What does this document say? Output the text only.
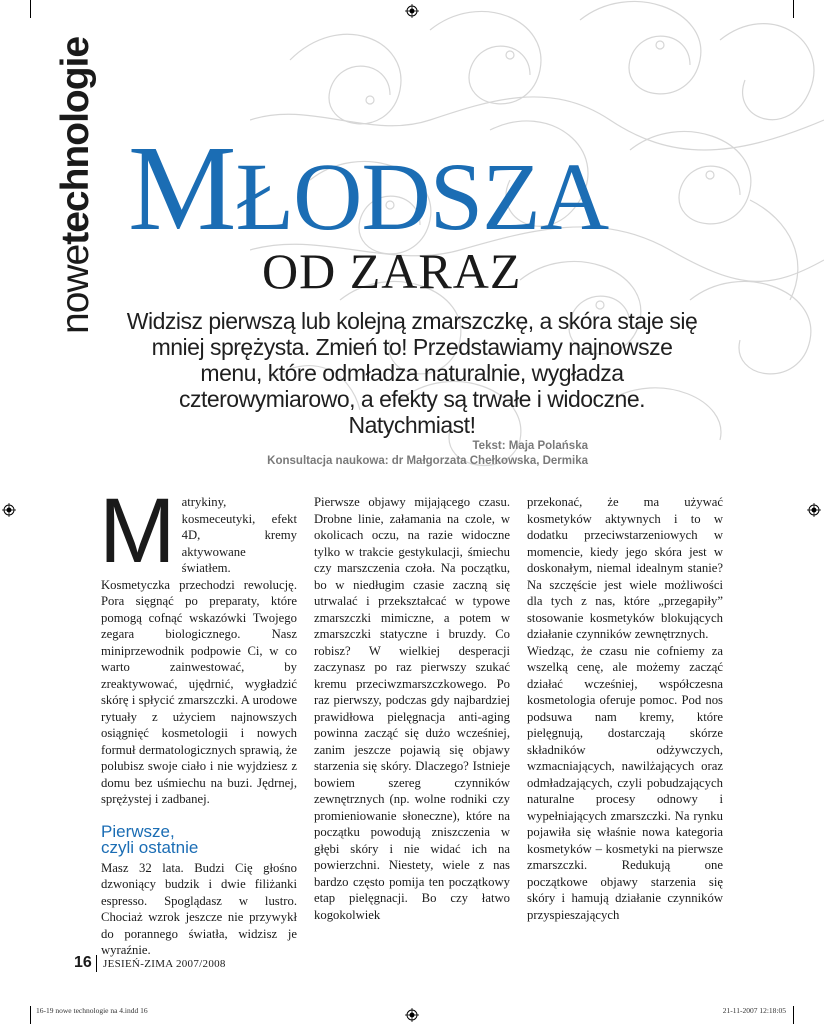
nowetechnologie MŁODSZA
OD ZARAZ
Widzisz pierwszą lub kolejną zmarszczkę, a skóra staje się mniej sprężysta. Zmień to! Przedstawiamy najnowsze menu, które odmładza naturalnie, wygładza czterowymiarowo, a efekty są trwałe i widoczne. Natychmiast!
Tekst: Maja Polańska
Konsultacja naukowa: dr Małgorzata Chełkowska, Dermika

Matrykiny, kosmeceutyki, efekt 4D, kremy aktywowane światłem. Kosmetyczka przechodzi rewolucję. Pora sięgnąć po preparaty, które pomogą cofnąć wskazówki Twojego zegara biologicznego. Nasz miniprzewodnik podpowie Ci, w co warto zainwestować, by zreaktywować, ujędrnić, wygładzić skórę i spłycić zmarszczki. A urodowe rytuały z użyciem najnowszych osiągnięć kosmetologii i nowych formuł dermatologicznych sprawią, że polubisz swoje ciało i nie wyjdziesz z domu bez uśmiechu na buzi. Jędrnej, sprężystej i zadbanej.

Pierwsze,
czyli ostatnie

Masz 32 lata. Budzi Cię głośno dzwoniący budzik i dwie filiżanki espresso. Spoglądasz w lustro. Chociaż wzrok jeszcze nie przywykł do porannego światła, widzisz je wyraźnie.

Pierwsze objawy mijającego czasu. Drobne linie, załamania na czole, w okolicach oczu, na razie widoczne tylko w trakcie gestykulacji, śmiechu czy marszczenia czoła. Na początku, bo w niedługim czasie zaczną się utrwalać i przekształcać w typowe zmarszczki mimiczne, a potem w zmarszczki statyczne i bruzdy. Co robisz? W wielkiej desperacji zaczynasz po raz pierwszy szukać kremu przeciwzmarszczkowego. Po raz pierwszy, podczas gdy najbardziej prawidłowa pielęgnacja anti-aging powinna zacząć się dużo wcześniej, zanim jeszcze pojawią się objawy starzenia się skóry. Dlaczego? Istnieje bowiem szereg czynników zewnętrznych (np. wolne rodniki czy promieniowanie słoneczne), które na początku powodują zniszczenia w głębi skóry i nie widać ich na powierzchni. Niestety, wiele z nas bardzo często pomija ten początkowy etap pielęgnacji. Bo czy łatwo kogokolwiek

przekonać, że ma używać kosmetyków aktywnych i to w dodatku przeciwstarzeniowych w momencie, kiedy jego skóra jest w doskonałym, niemal idealnym stanie? Na szczęście jest wiele możliwości dla tych z nas, które „przegapiły” stosowanie kosmetyków blokujących działanie czynników zewnętrznych.

Wiedząc, że czasu nie cofniemy za wszelką cenę, ale możemy zacząć działać wcześniej, współczesna kosmetologia oferuje pomoc. Pod nos podsuwa nam kremy, które pielęgnują, dostarczają skórze składników odżywczych, wzmacniających, nawilżających oraz odmładzających, czyli pobudzających naturalne procesy odnowy i wypełniających zmarszczki. Na rynku pojawiła się właśnie nowa kategoria kosmetyków – kosmetyki na pierwsze zmarszczki. Redukują one początkowe objawy starzenia się skóry i hamują działanie czynników przyspieszających

16 JESIEŃ-ZIMA 2007/2008
16-19 nowe technologie na 4.indd 16	21-11-2007 12:18:05
